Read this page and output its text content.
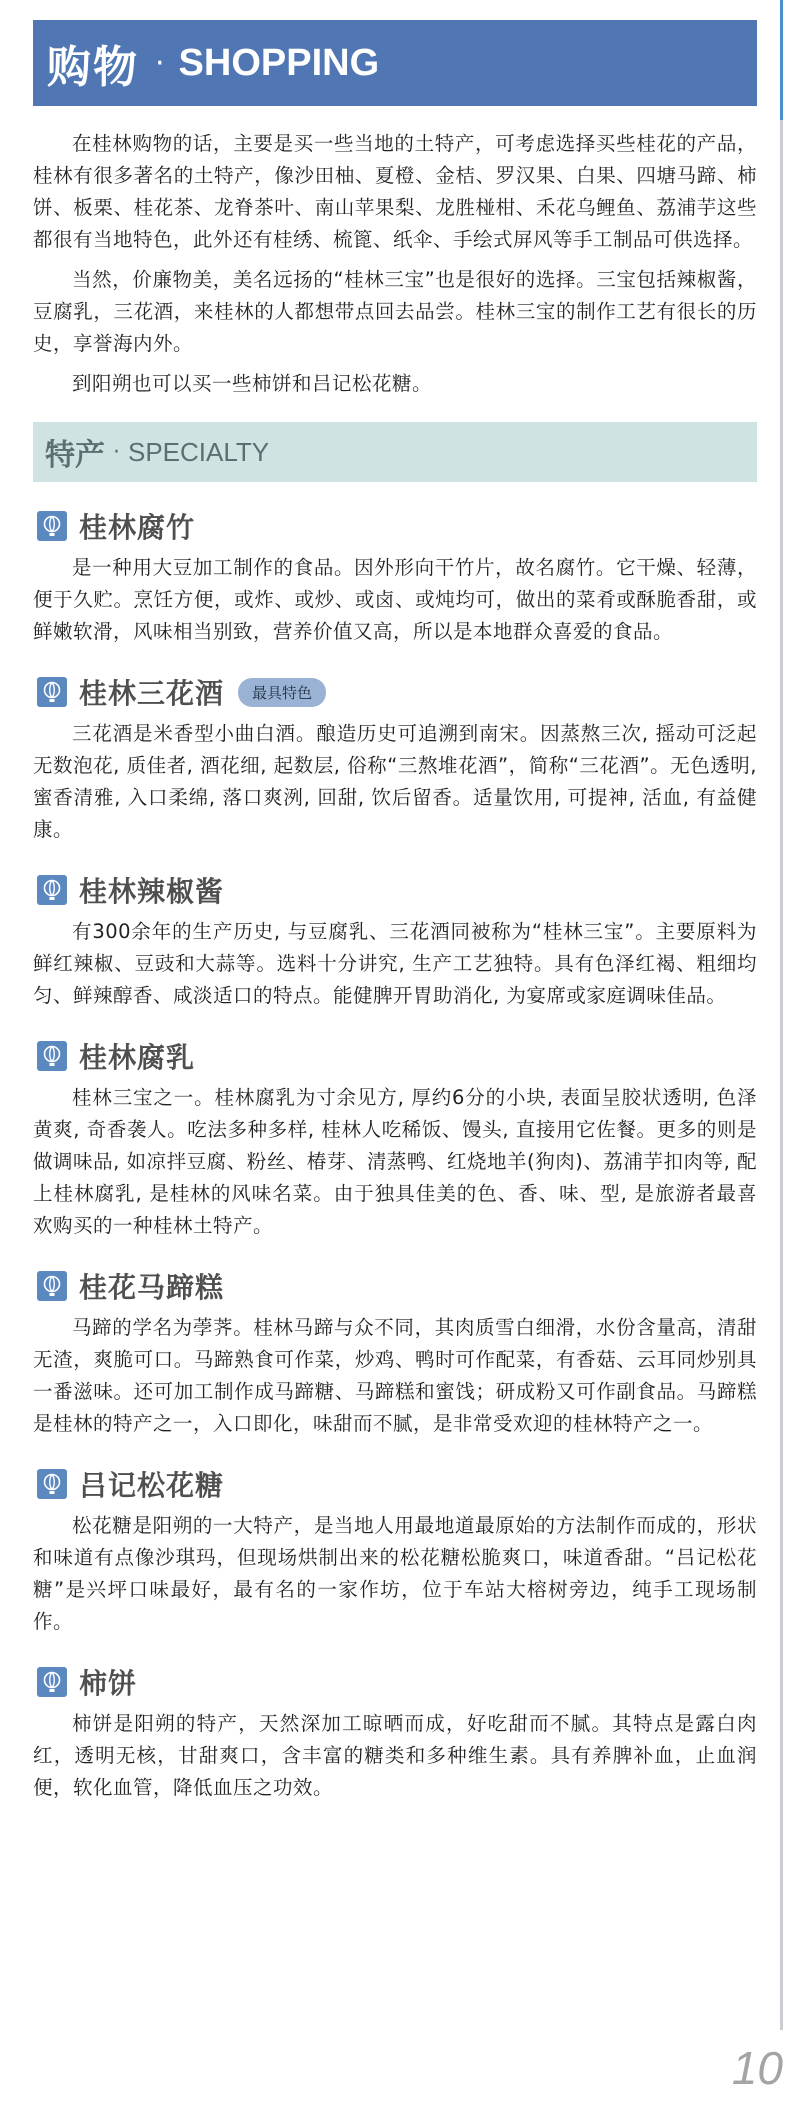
购物 · SHOPPING

在桂林购物的话，主要是买一些当地的土特产，可考虑选择买些桂花的产品，桂林有很多著名的土特产，像沙田柚、夏橙、金桔、罗汉果、白果、四塘马蹄、柿饼、板栗、桂花茶、龙脊茶叶、南山苹果梨、龙胜椪柑、禾花乌鲤鱼、荔浦芋这些都很有当地特色，此外还有桂绣、梳篦、纸伞、手绘式屏风等手工制品可供选择。

当然，价廉物美，美名远扬的“桂林三宝”也是很好的选择。三宝包括辣椒酱，豆腐乳，三花酒，来桂林的人都想带点回去品尝。桂林三宝的制作工艺有很长的历史，享誉海内外。

到阳朔也可以买一些柿饼和吕记松花糖。

特产 · SPECIALTY
桂林腐竹

是一种用大豆加工制作的食品。因外形向干竹片，故名腐竹。它干燥、轻薄，便于久贮。烹饪方便，或炸、或炒、或卤、或炖均可，做出的菜肴或酥脆香甜，或鲜嫩软滑，风味相当别致，营养价值又高，所以是本地群众喜爱的食品。

桂林三花酒	最具特色

三花酒是米香型小曲白酒。酿造历史可追溯到南宋。因蒸熬三次, 摇动可泛起无数泡花, 质佳者, 酒花细, 起数层, 俗称“三熬堆花酒”，简称“三花酒”。无色透明, 蜜香清雅, 入口柔绵, 落口爽洌, 回甜, 饮后留香。适量饮用, 可提神, 活血, 有益健康。

桂林辣椒酱

有300余年的生产历史, 与豆腐乳、三花酒同被称为“桂林三宝”。主要原料为鲜红辣椒、豆豉和大蒜等。选料十分讲究, 生产工艺独特。具有色泽红褐、粗细均匀、鲜辣醇香、咸淡适口的特点。能健脾开胃助消化, 为宴席或家庭调味佳品。

桂林腐乳

桂林三宝之一。桂林腐乳为寸余见方, 厚约6分的小块, 表面呈胶状透明, 色泽黄爽, 奇香袭人。吃法多种多样, 桂林人吃稀饭、馒头, 直接用它佐餐。更多的则是做调味品, 如凉拌豆腐、粉丝、椿芽、清蒸鸭、红烧地羊(狗肉)、荔浦芋扣肉等, 配上桂林腐乳, 是桂林的风味名菜。由于独具佳美的色、香、味、型, 是旅游者最喜欢购买的一种桂林土特产。

桂花马蹄糕

马蹄的学名为荸荠。桂林马蹄与众不同，其肉质雪白细滑，水份含量高，清甜无渣，爽脆可口。马蹄熟食可作菜，炒鸡、鸭时可作配菜，有香菇、云耳同炒别具一番滋味。还可加工制作成马蹄糖、马蹄糕和蜜饯；研成粉又可作副食品。马蹄糕是桂林的特产之一，入口即化，味甜而不腻，是非常受欢迎的桂林特产之一。

吕记松花糖

松花糖是阳朔的一大特产，是当地人用最地道最原始的方法制作而成的，形状和味道有点像沙琪玛，但现场烘制出来的松花糖松脆爽口，味道香甜。“吕记松花糖”是兴坪口味最好，最有名的一家作坊，位于车站大榕树旁边，纯手工现场制作。

柿饼

柿饼是阳朔的特产，天然深加工晾晒而成，好吃甜而不腻。其特点是露白肉红，透明无核，甘甜爽口，含丰富的糖类和多种维生素。具有养脾补血，止血润便，软化血管，降低血压之功效。

10
